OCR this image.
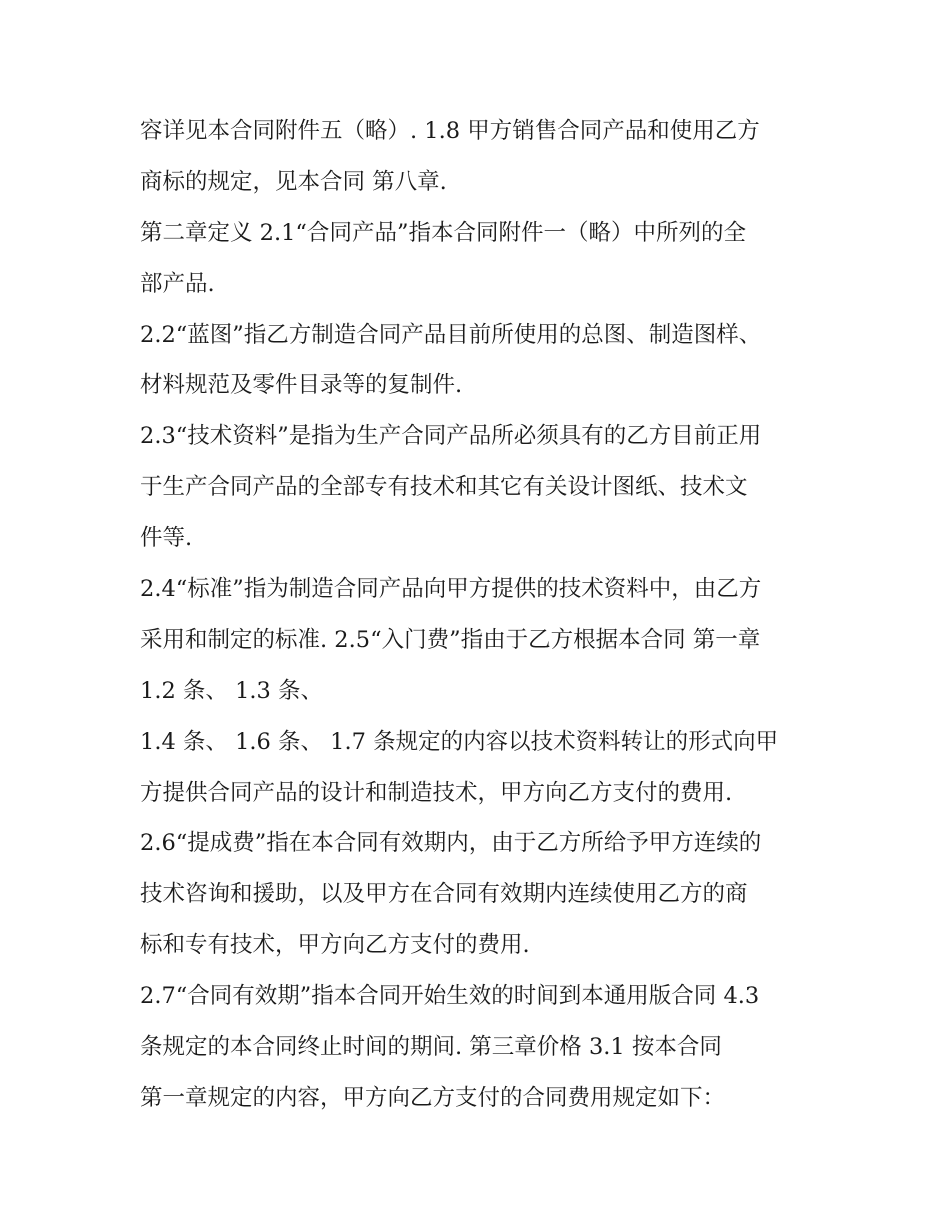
容详见本合同附件五（略）. 1.8 甲方销售合同产品和使用乙方
商标的规定，见本合同 第八章.
第二章定义 2.1“合同产品”指本合同附件一（略）中所列的全
部产品.
2.2“蓝图”指乙方制造合同产品目前所使用的总图、制造图样、
材料规范及零件目录等的复制件.
2.3“技术资料”是指为生产合同产品所必须具有的乙方目前正用
于生产合同产品的全部专有技术和其它有关设计图纸、技术文
件等.
2.4“标准”指为制造合同产品向甲方提供的技术资料中，由乙方
采用和制定的标准. 2.5“入门费”指由于乙方根据本合同 第一章
1.2 条、 1.3 条、
1.4 条、 1.6 条、 1.7 条规定的内容以技术资料转让的形式向甲
方提供合同产品的设计和制造技术，甲方向乙方支付的费用.
2.6“提成费”指在本合同有效期内，由于乙方所给予甲方连续的
技术咨询和援助，以及甲方在合同有效期内连续使用乙方的商
标和专有技术，甲方向乙方支付的费用.
2.7“合同有效期”指本合同开始生效的时间到本通用版合同 4.3
条规定的本合同终止时间的期间. 第三章价格 3.1 按本合同
第一章规定的内容，甲方向乙方支付的合同费用规定如下：
